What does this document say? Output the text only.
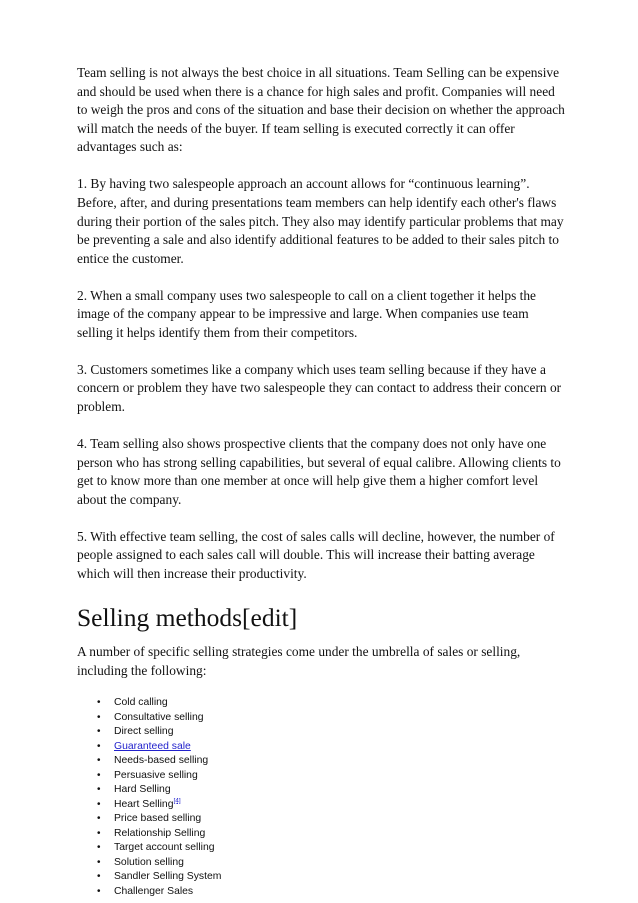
Team selling is not always the best choice in all situations. Team Selling can be expensive and should be used when there is a chance for high sales and profit. Companies will need to weigh the pros and cons of the situation and base their decision on whether the approach will match the needs of the buyer. If team selling is executed correctly it can offer advantages such as:

1. By having two salespeople approach an account allows for “continuous learning”. Before, after, and during presentations team members can help identify each other's flaws during their portion of the sales pitch. They also may identify particular problems that may be preventing a sale and also identify additional features to be added to their sales pitch to entice the customer.

2. When a small company uses two salespeople to call on a client together it helps the image of the company appear to be impressive and large. When companies use team selling it helps identify them from their competitors.

3. Customers sometimes like a company which uses team selling because if they have a concern or problem they have two salespeople they can contact to address their concern or problem.

4. Team selling also shows prospective clients that the company does not only have one person who has strong selling capabilities, but several of equal calibre. Allowing clients to get to know more than one member at once will help give them a higher comfort level about the company.

5. With effective team selling, the cost of sales calls will decline, however, the number of people assigned to each sales call will double. This will increase their batting average which will then increase their productivity.

Selling methods[edit]

A number of specific selling strategies come under the umbrella of sales or selling, including the following:

• Cold calling
• Consultative selling
• Direct selling
• Guaranteed sale
• Needs-based selling
• Persuasive selling
• Hard Selling
• Heart Selling[4]
• Price based selling
• Relationship Selling
• Target account selling
• Solution selling
• Sandler Selling System
• Challenger Sales
